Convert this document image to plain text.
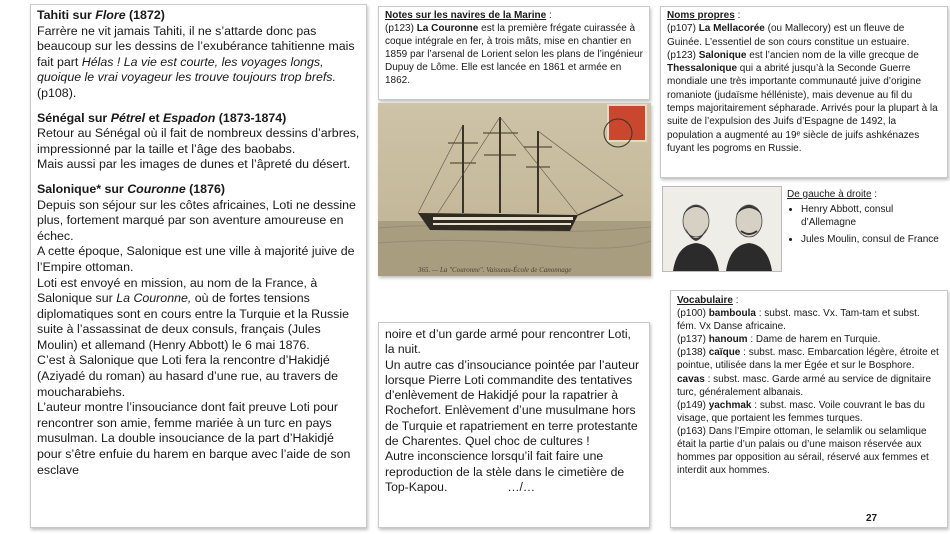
Tahiti sur Flore (1872)

Farrère ne vit jamais Tahiti, il ne s’attarde donc pas beaucoup sur les dessins de l’exubérance tahitienne mais fait part Hélas ! La vie est courte, les voyages longs, quoique le vrai voyageur les trouve toujours trop brefs. (p108).

Sénégal sur Pétrel et Espadon (1873-1874)

Retour au Sénégal où il fait de nombreux dessins d’arbres, impressionné par la taille et l’âge des baobabs.

Mais aussi par les images de dunes et l’âpreté du désert.

Salonique* sur Couronne (1876)

Depuis son séjour sur les côtes africaines, Loti ne dessine plus, fortement marqué par son aventure amoureuse en échec.

A cette époque, Salonique est une ville à majorité juive de l’Empire ottoman.

Loti est envoyé en mission, au nom de la France, à Salonique sur La Couronne, où de fortes tensions diplomatiques sont en cours entre la Turquie et la Russie suite à l’assassinat de deux consuls, français (Jules Moulin) et allemand (Henry Abbott) le 6 mai 1876.

C’est à Salonique que Loti fera la rencontre d’Hakidjé (Aziyadé du roman) au hasard d’une rue, au travers de moucharabiehs.

L’auteur montre l’insouciance dont fait preuve Loti pour rencontrer son amie, femme mariée à un turc en pays musulman. La double insouciance de la part d’Hakidjé pour s’être enfuie du harem en barque avec l’aide de son esclave

Notes sur les navires de la Marine :
(p123) La Couronne est la première frégate cuirassée à coque intégrale en fer, à trois mâts, mise en chantier en 1859 par l’arsenal de Lorient selon les plans de l’ingénieur Dupuy de Lôme. Elle est lancée en 1861 et armée en 1862.
365. — La "Couronne". Vaisseau-École de Canonnage
Noms propres :
(p107) La Mellacorée (ou Mallecory) est un fleuve de Guinée. L’essentiel de son cours constitue un estuaire.
(p123) Salonique est l’ancien nom de la ville grecque de Thessalonique qui a abrité jusqu’à la Seconde Guerre mondiale une très importante communauté juive d’origine romaniote (judaïsme hélléniste), mais devenue au fil du temps majoritairement sépharade. Arrivés pour la plupart à la suite de l’expulsion des Juifs d’Espagne de 1492, la population a augmenté au 19ᵉ siècle de juifs ashkénazes fuyant les pogroms en Russie.
De gauche à droite :
• Henry Abbott, consul d’Allemagne
• Jules Moulin, consul de France

noire et d’un garde armé pour rencontrer Loti, la nuit.

Un autre cas d’insouciance pointée par l’auteur lorsque Pierre Loti commandite des tentatives d’enlèvement de Hakidjé pour la rapatrier à Rochefort. Enlèvement d’une musulmane hors de Turquie et rapatriement en terre protestante de Charentes. Quel choc de cultures !

Autre inconscience lorsqu’il fait faire une reproduction de la stèle dans le cimetière de Top-Kapou.	…/…

Vocabulaire :

(p100) bamboula : subst. masc. Vx. Tam-tam et subst. fém. Vx Danse africaine.

(p137) hanoum : Dame de harem en Turquie.

(p138) caïque : subst. masc. Embarcation légère, étroite et pointue, utilisée dans la mer Égée et sur le Bosphore.

cavas : subst. masc. Garde armé au service de dignitaire turc, généralement albanais.

(p149) yachmak : subst. masc. Voile couvrant le bas du visage, que portaient les femmes turques.

(p163) Dans l’Empire ottoman, le selamlik ou selamlique était la partie d’un palais ou d’une maison réservée aux hommes par opposition au sérail, réservé aux femmes et interdit aux hommes.

27
